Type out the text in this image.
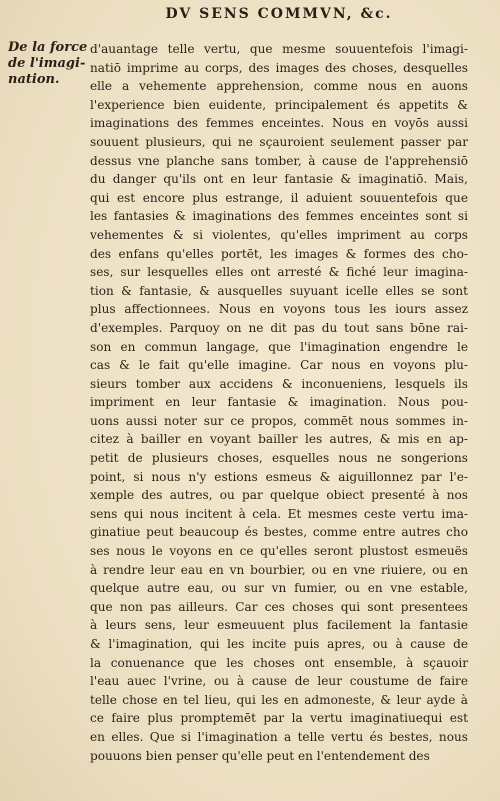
DV SENS COMMVN, &c.
De la force
de l'imagi-
nation.
d'auantage telle vertu, que mesme souuentefois l'imagi-
natiō imprime au corps, des images des choses, desquelles
elle a vehemente apprehension, comme nous en auons
l'experience bien euidente, principalement és appetits &
imaginations des femmes enceintes. Nous en voyōs aussi
souuent plusieurs, qui ne sçauroient seulement passer par
dessus vne planche sans tomber, à cause de l'apprehensiō
du danger qu'ils ont en leur fantasie & imaginatiō. Mais,
qui est encore plus estrange, il aduient souuentefois que
les fantasies & imaginations des femmes enceintes sont si
vehementes & si violentes, qu'elles impriment au corps
des enfans qu'elles portēt, les images & formes des cho-
ses, sur lesquelles elles ont arresté & fiché leur imagina-
tion & fantasie, & ausquelles suyuant icelle elles se sont
plus affectionnees. Nous en voyons tous les iours assez
d'exemples. Parquoy on ne dit pas du tout sans bōne rai-
son en commun langage, que l'imagination engendre le
cas & le fait qu'elle imagine. Car nous en voyons plu-
sieurs tomber aux accidens & inconueniens, lesquels ils
impriment en leur fantasie & imagination. Nous pou-
uons aussi noter sur ce propos, commēt nous sommes in-
citez à bailler en voyant bailler les autres, & mis en ap-
petit de plusieurs choses, esquelles nous ne songerions
point, si nous n'y estions esmeus & aiguillonnez par l'e-
xemple des autres, ou par quelque obiect presenté à nos
sens qui nous incitent à cela. Et mesmes ceste vertu ima-
ginatiue peut beaucoup és bestes, comme entre autres cho
ses nous le voyons en ce qu'elles seront plustost esmeuës
à rendre leur eau en vn bourbier, ou en vne riuiere, ou en
quelque autre eau, ou sur vn fumier, ou en vne estable,
que non pas ailleurs. Car ces choses qui sont presentees
à leurs sens, leur esmeuuent plus facilement la fantasie
& l'imagination, qui les incite puis apres, ou à cause de
la conuenance que les choses ont ensemble, à sçauoir
l'eau auec l'vrine, ou à cause de leur coustume de faire
telle chose en tel lieu, qui les en admoneste, & leur ayde à
ce faire plus promptemēt par la vertu imaginatiuequi est
en elles. Que si l'imagination a telle vertu és bestes, nous
pouuons bien penser qu'elle peut en l'entendement des
